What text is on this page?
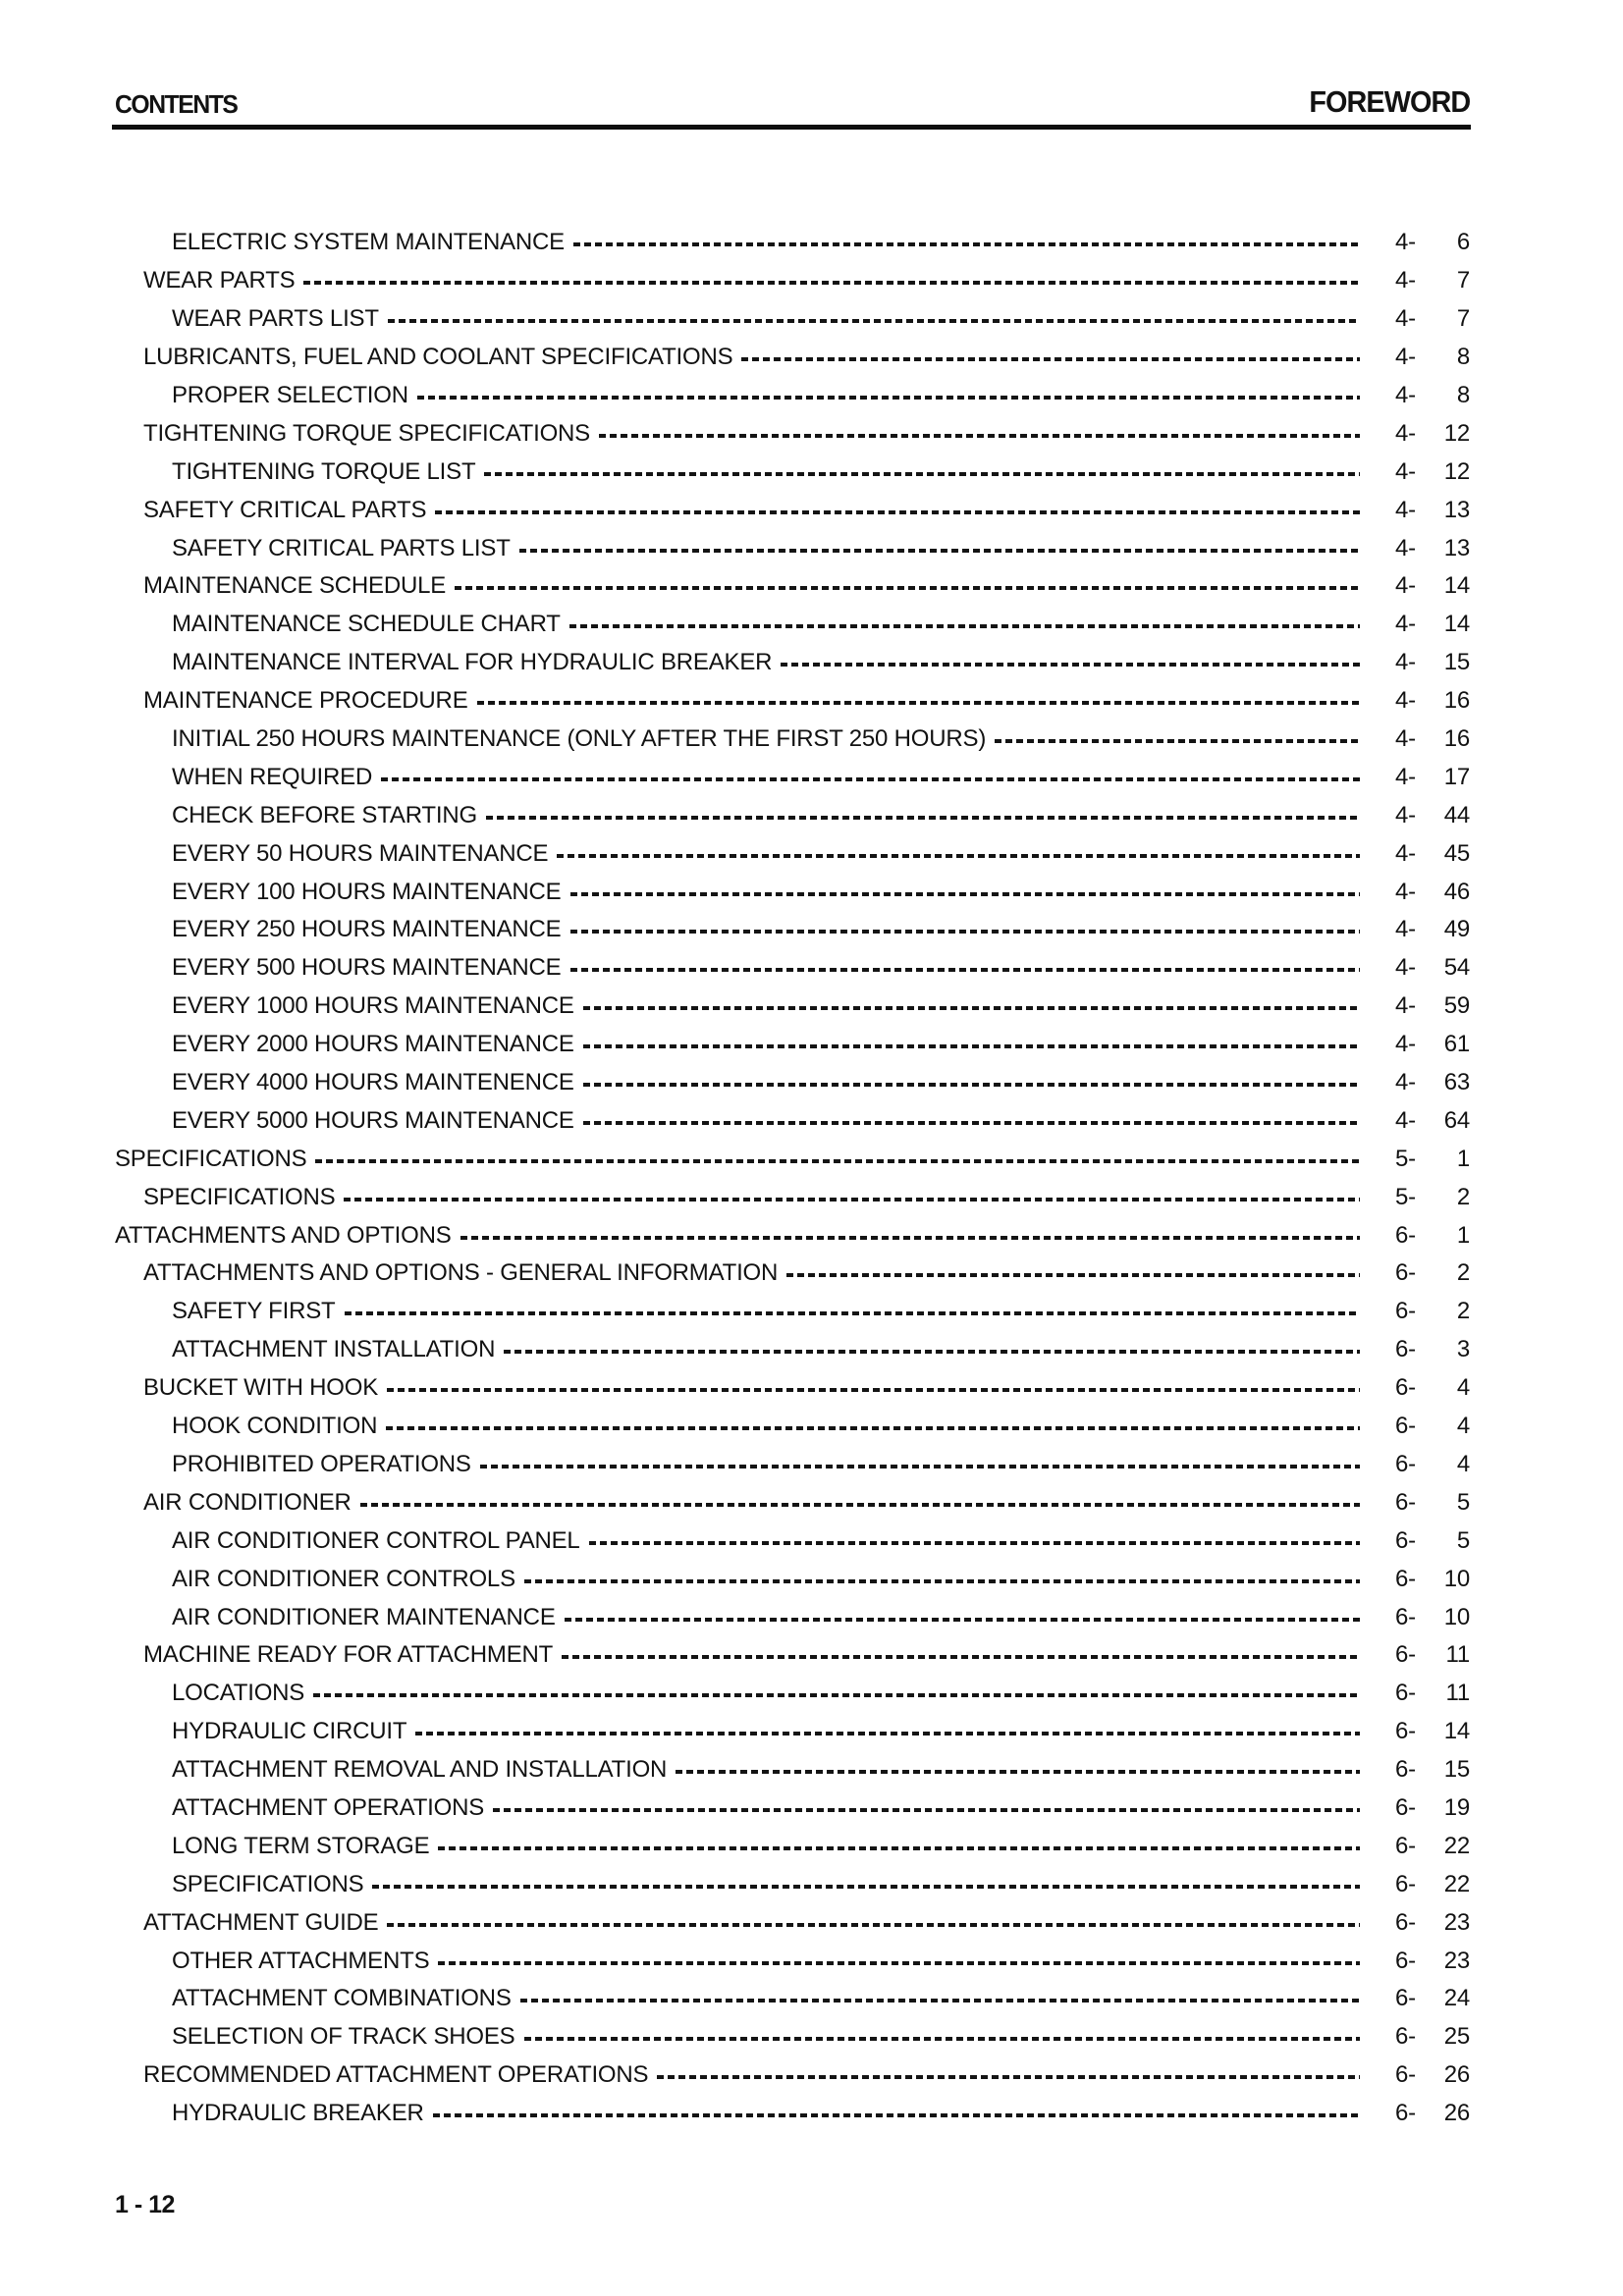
CONTENTS	FOREWORD
ELECTRIC SYSTEM MAINTENANCE	4-	6
WEAR PARTS	4-	7
WEAR PARTS LIST	4-	7
LUBRICANTS, FUEL AND COOLANT SPECIFICATIONS	4-	8
PROPER SELECTION	4-	8
TIGHTENING TORQUE SPECIFICATIONS	4-	12
TIGHTENING TORQUE LIST	4-	12
SAFETY CRITICAL PARTS	4-	13
SAFETY CRITICAL PARTS LIST	4-	13
MAINTENANCE SCHEDULE	4-	14
MAINTENANCE SCHEDULE CHART	4-	14
MAINTENANCE INTERVAL FOR HYDRAULIC BREAKER	4-	15
MAINTENANCE PROCEDURE	4-	16
INITIAL 250 HOURS MAINTENANCE (ONLY AFTER THE FIRST 250 HOURS)	4-	16
WHEN REQUIRED	4-	17
CHECK BEFORE STARTING	4-	44
EVERY 50 HOURS MAINTENANCE	4-	45
EVERY 100 HOURS MAINTENANCE	4-	46
EVERY 250 HOURS MAINTENANCE	4-	49
EVERY 500 HOURS MAINTENANCE	4-	54
EVERY 1000 HOURS MAINTENANCE	4-	59
EVERY 2000 HOURS MAINTENANCE	4-	61
EVERY 4000 HOURS MAINTENENCE	4-	63
EVERY 5000 HOURS MAINTENANCE	4-	64
SPECIFICATIONS	5-	1
SPECIFICATIONS	5-	2
ATTACHMENTS AND OPTIONS	6-	1
ATTACHMENTS AND OPTIONS - GENERAL INFORMATION	6-	2
SAFETY FIRST	6-	2
ATTACHMENT INSTALLATION	6-	3
BUCKET WITH HOOK	6-	4
HOOK CONDITION	6-	4
PROHIBITED OPERATIONS	6-	4
AIR CONDITIONER	6-	5
AIR CONDITIONER CONTROL PANEL	6-	5
AIR CONDITIONER CONTROLS	6-	10
AIR CONDITIONER MAINTENANCE	6-	10
MACHINE READY FOR ATTACHMENT	6-	11
LOCATIONS	6-	11
HYDRAULIC CIRCUIT	6-	14
ATTACHMENT REMOVAL AND INSTALLATION	6-	15
ATTACHMENT OPERATIONS	6-	19
LONG TERM STORAGE	6-	22
SPECIFICATIONS	6-	22
ATTACHMENT GUIDE	6-	23
OTHER ATTACHMENTS	6-	23
ATTACHMENT COMBINATIONS	6-	24
SELECTION OF TRACK SHOES	6-	25
RECOMMENDED ATTACHMENT OPERATIONS	6-	26
HYDRAULIC BREAKER	6-	26
1 - 12
